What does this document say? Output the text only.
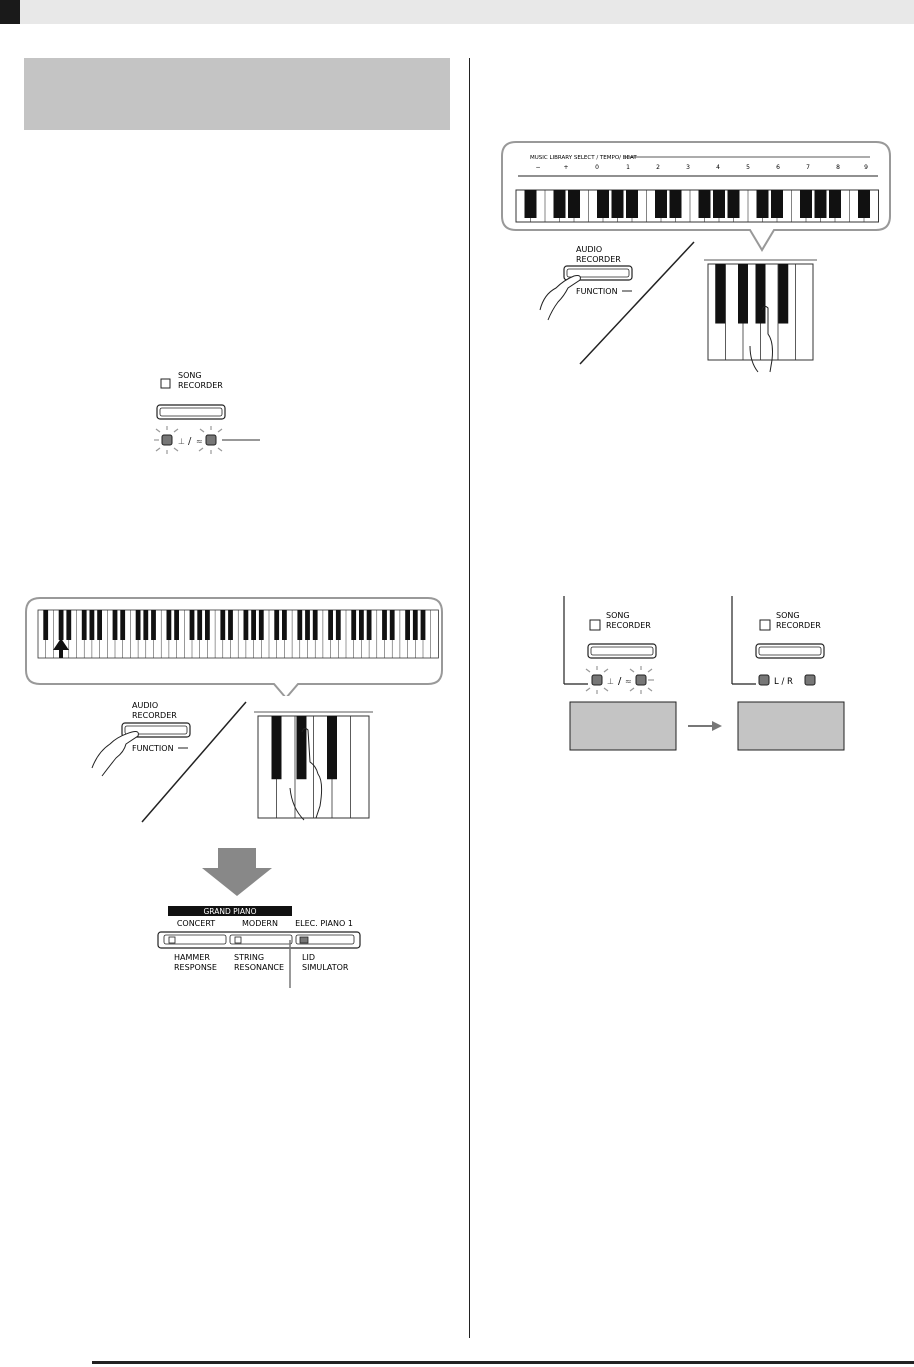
SONG
RECORDER
⊥ / ≈
AUDIO
RECORDER
FUNCTION
GRAND PIANO
CONCERT	MODERN ELEC. PIANO 1
HAMMER
RESPONSE
STRING
RESONANCE
LID
SIMULATOR
MUSIC LIBRARY SELECT / TEMPO/ BEAT
−	+	0	1	2	3	4	5	6	7	8	9
AUDIO
RECORDER
FUNCTION
SONG
RECORDER
⊥ / ≈
SONG
RECORDER
L / R
